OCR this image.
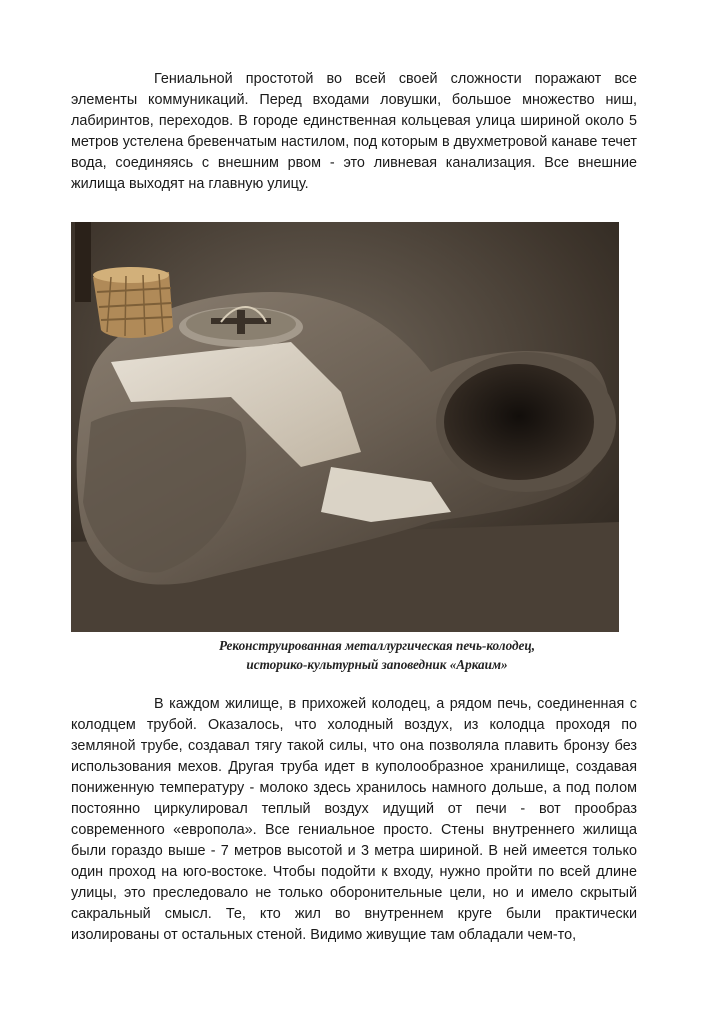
Гениальной простотой во всей своей сложности поражают все элементы коммуникаций. Перед входами ловушки, большое множество ниш, лабиринтов, переходов. В городе единственная кольцевая улица шириной около 5 метров устелена бревенчатым настилом, под которым в двухметровой канаве течет вода, соединяясь с внешним рвом - это ливневая канализация. Все внешние жилища выходят на главную улицу.

Реконструированная металлургическая печь-колодец,
историко-культурный заповедник «Аркаим»

В каждом жилище, в прихожей колодец, а рядом печь, соединенная с колодцем трубой. Оказалось, что холодный воздух, из колодца проходя по земляной трубе, создавал тягу такой силы, что она позволяла плавить бронзу без использования мехов. Другая труба идет в куполообразное хранилище, создавая пониженную температуру - молоко здесь хранилось намного дольше, а под полом постоянно циркулировал теплый воздух идущий от печи - вот прообраз современного «европола». Все гениальное просто. Стены внутреннего жилища были гораздо выше - 7 метров высотой и 3 метра шириной. В ней имеется только один проход на юго-востоке. Чтобы подойти к входу, нужно пройти по всей длине улицы, это преследовало не только оборонительные цели, но и имело скрытый сакральный смысл. Те, кто жил во внутреннем круге были практически изолированы от остальных стеной. Видимо живущие там обладали чем-то,
